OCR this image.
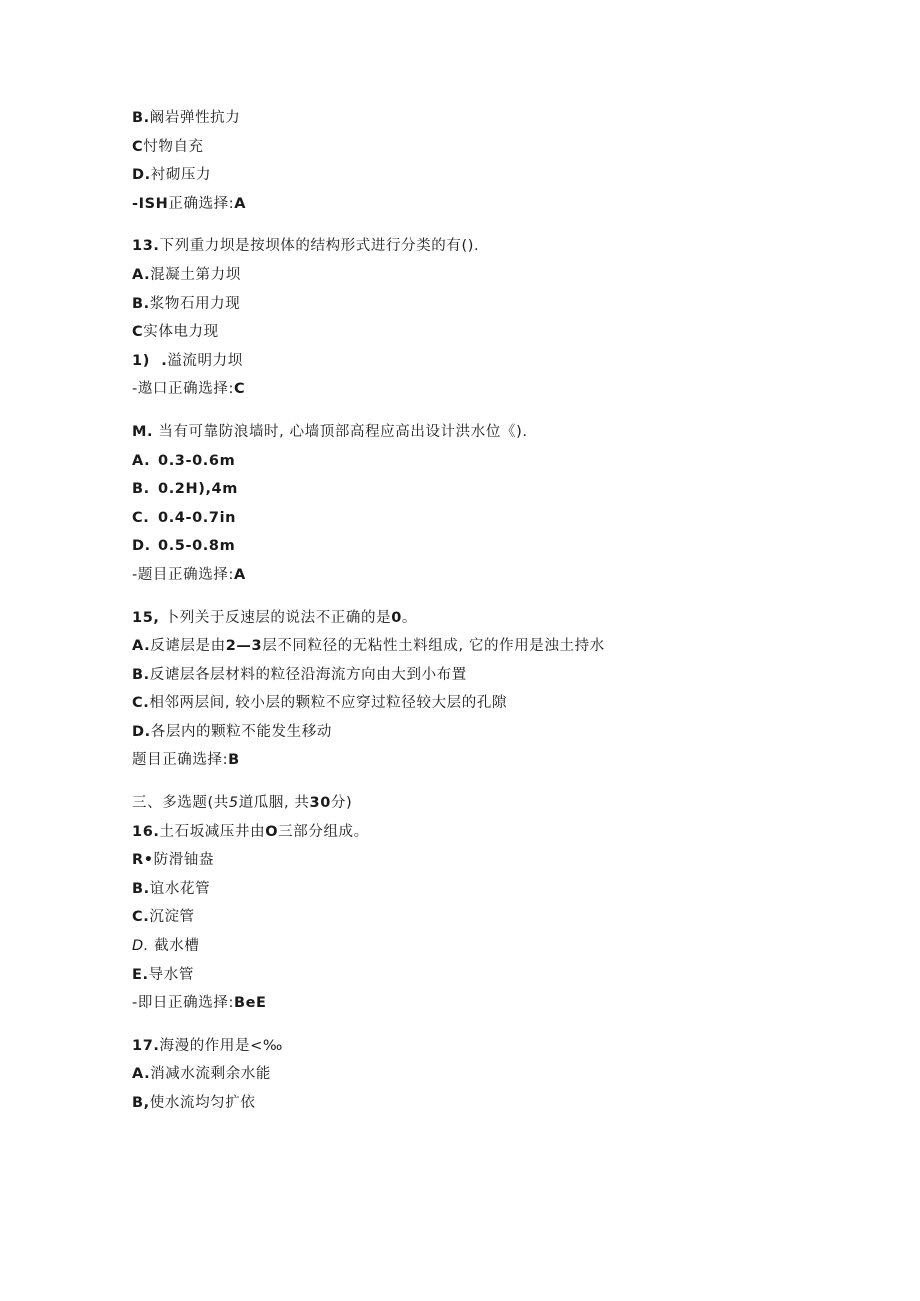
B.阚岩弹性抗力
C忖物自充
D.衬砌压力
-ISH正确选择:A
13.下列重力坝是按坝体的结构形式进行分类的有().
A.混凝土第力坝
B.浆物石用力现
C实体电力现
1)  .溢流明力坝
-遨口正确选择:C
M. 当有可靠防浪墙时, 心墙顶部高程应高出设计洪水位《).
A. 0.3-0.6m
B. 0.2H),4m
C. 0.4-0.7in
D. 0.5-0.8m
-题目正确选择:A
15, 卜列关于反速层的说法不正确的是0。
A.反谑层是由2—3层不同粒径的无粘性土料组成, 它的作用是浊土持水
B.反谑层各层材料的粒径沿海流方向由大到小布置
C.相邻两层间, 较小层的颗粒不应穿过粒径较大层的孔隙
D.各层内的颗粒不能发生移动
题目正确选择:B
三、多选题(共5道瓜胭, 共30分)
16.土石坂减压井由O三部分组成。
R•防滑铀盎
B.谊水花管
C.沉淀管
D. 截水槽
E.导水管
-即日正确选择:BeE
17.海漫的作用是<‰
A.消减水流剩余水能
B,使水流均匀扩依
